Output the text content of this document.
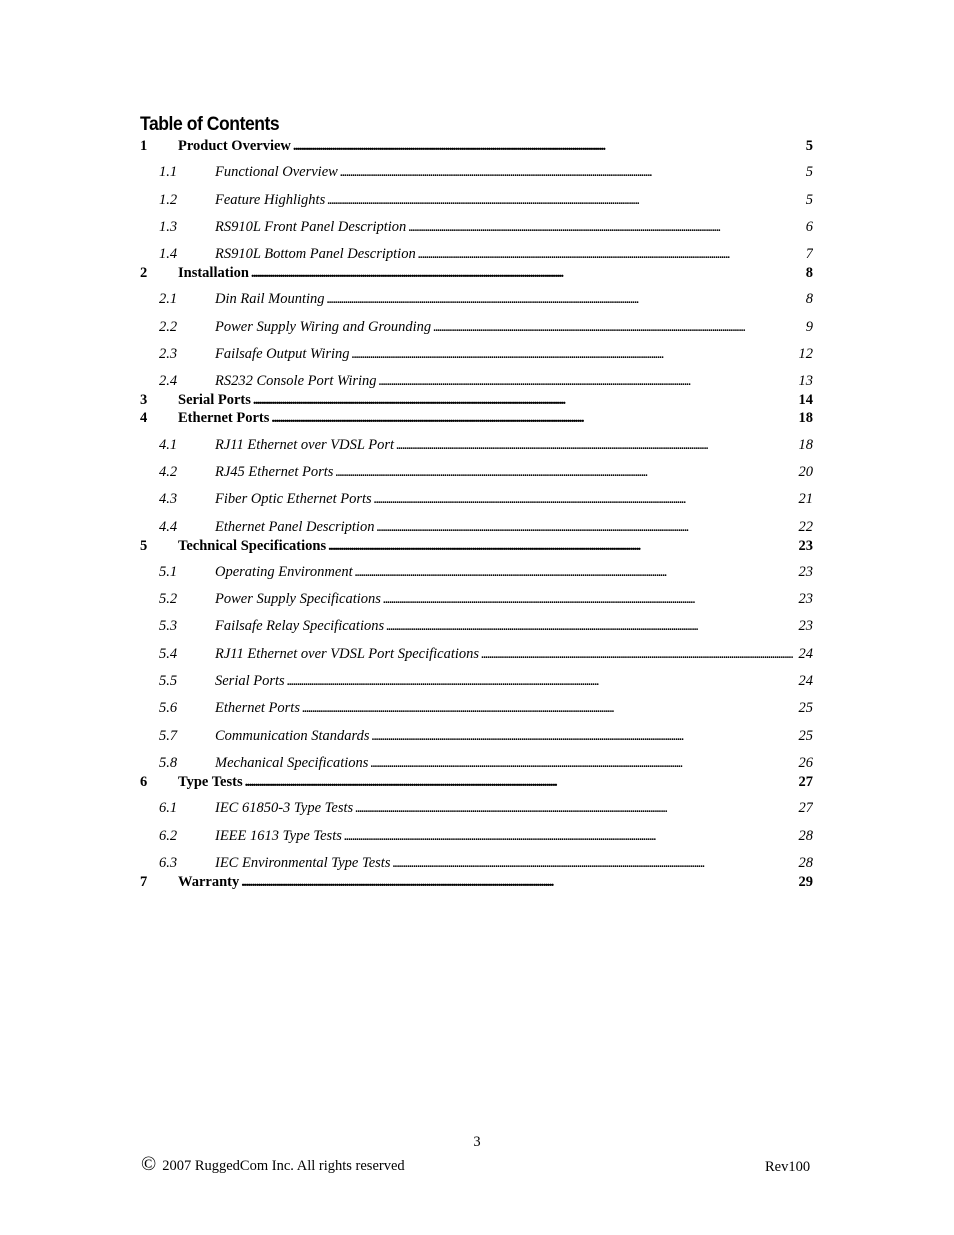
Table of Contents
1	Product Overview . . .	5
1.1	Functional Overview . . .	5
1.2	Feature Highlights . . .	5
1.3	RS910L Front Panel Description . . .	6
1.4	RS910L Bottom Panel Description . . .	7
2	Installation . . .	8
2.1	Din Rail Mounting . . .	8
2.2	Power Supply Wiring and Grounding . . .	9
2.3	Failsafe Output Wiring . . .	12
2.4	RS232 Console Port Wiring . . .	13
3	Serial Ports . . .	14
4	Ethernet Ports . . .	18
4.1	RJ11 Ethernet over VDSL Port . . .	18
4.2	RJ45 Ethernet Ports . . .	20
4.3	Fiber Optic Ethernet Ports . . .	21
4.4	Ethernet Panel Description . . .	22
5	Technical Specifications . . .	23
5.1	Operating Environment . . .	23
5.2	Power Supply Specifications . . .	23
5.3	Failsafe Relay Specifications . . .	23
5.4	RJ11 Ethernet over VDSL Port Specifications . . .	24
5.5	Serial Ports . . .	24
5.6	Ethernet Ports . . .	25
5.7	Communication Standards . . .	25
5.8	Mechanical Specifications . . .	26
6	Type Tests . . .	27
6.1	IEC 61850-3 Type Tests . . .	27
6.2	IEEE 1613 Type Tests . . .	28
6.3	IEC Environmental Type Tests . . .	28
7	Warranty . . .	29
3
© 2007 RuggedCom Inc. All rights reserved	Rev100
